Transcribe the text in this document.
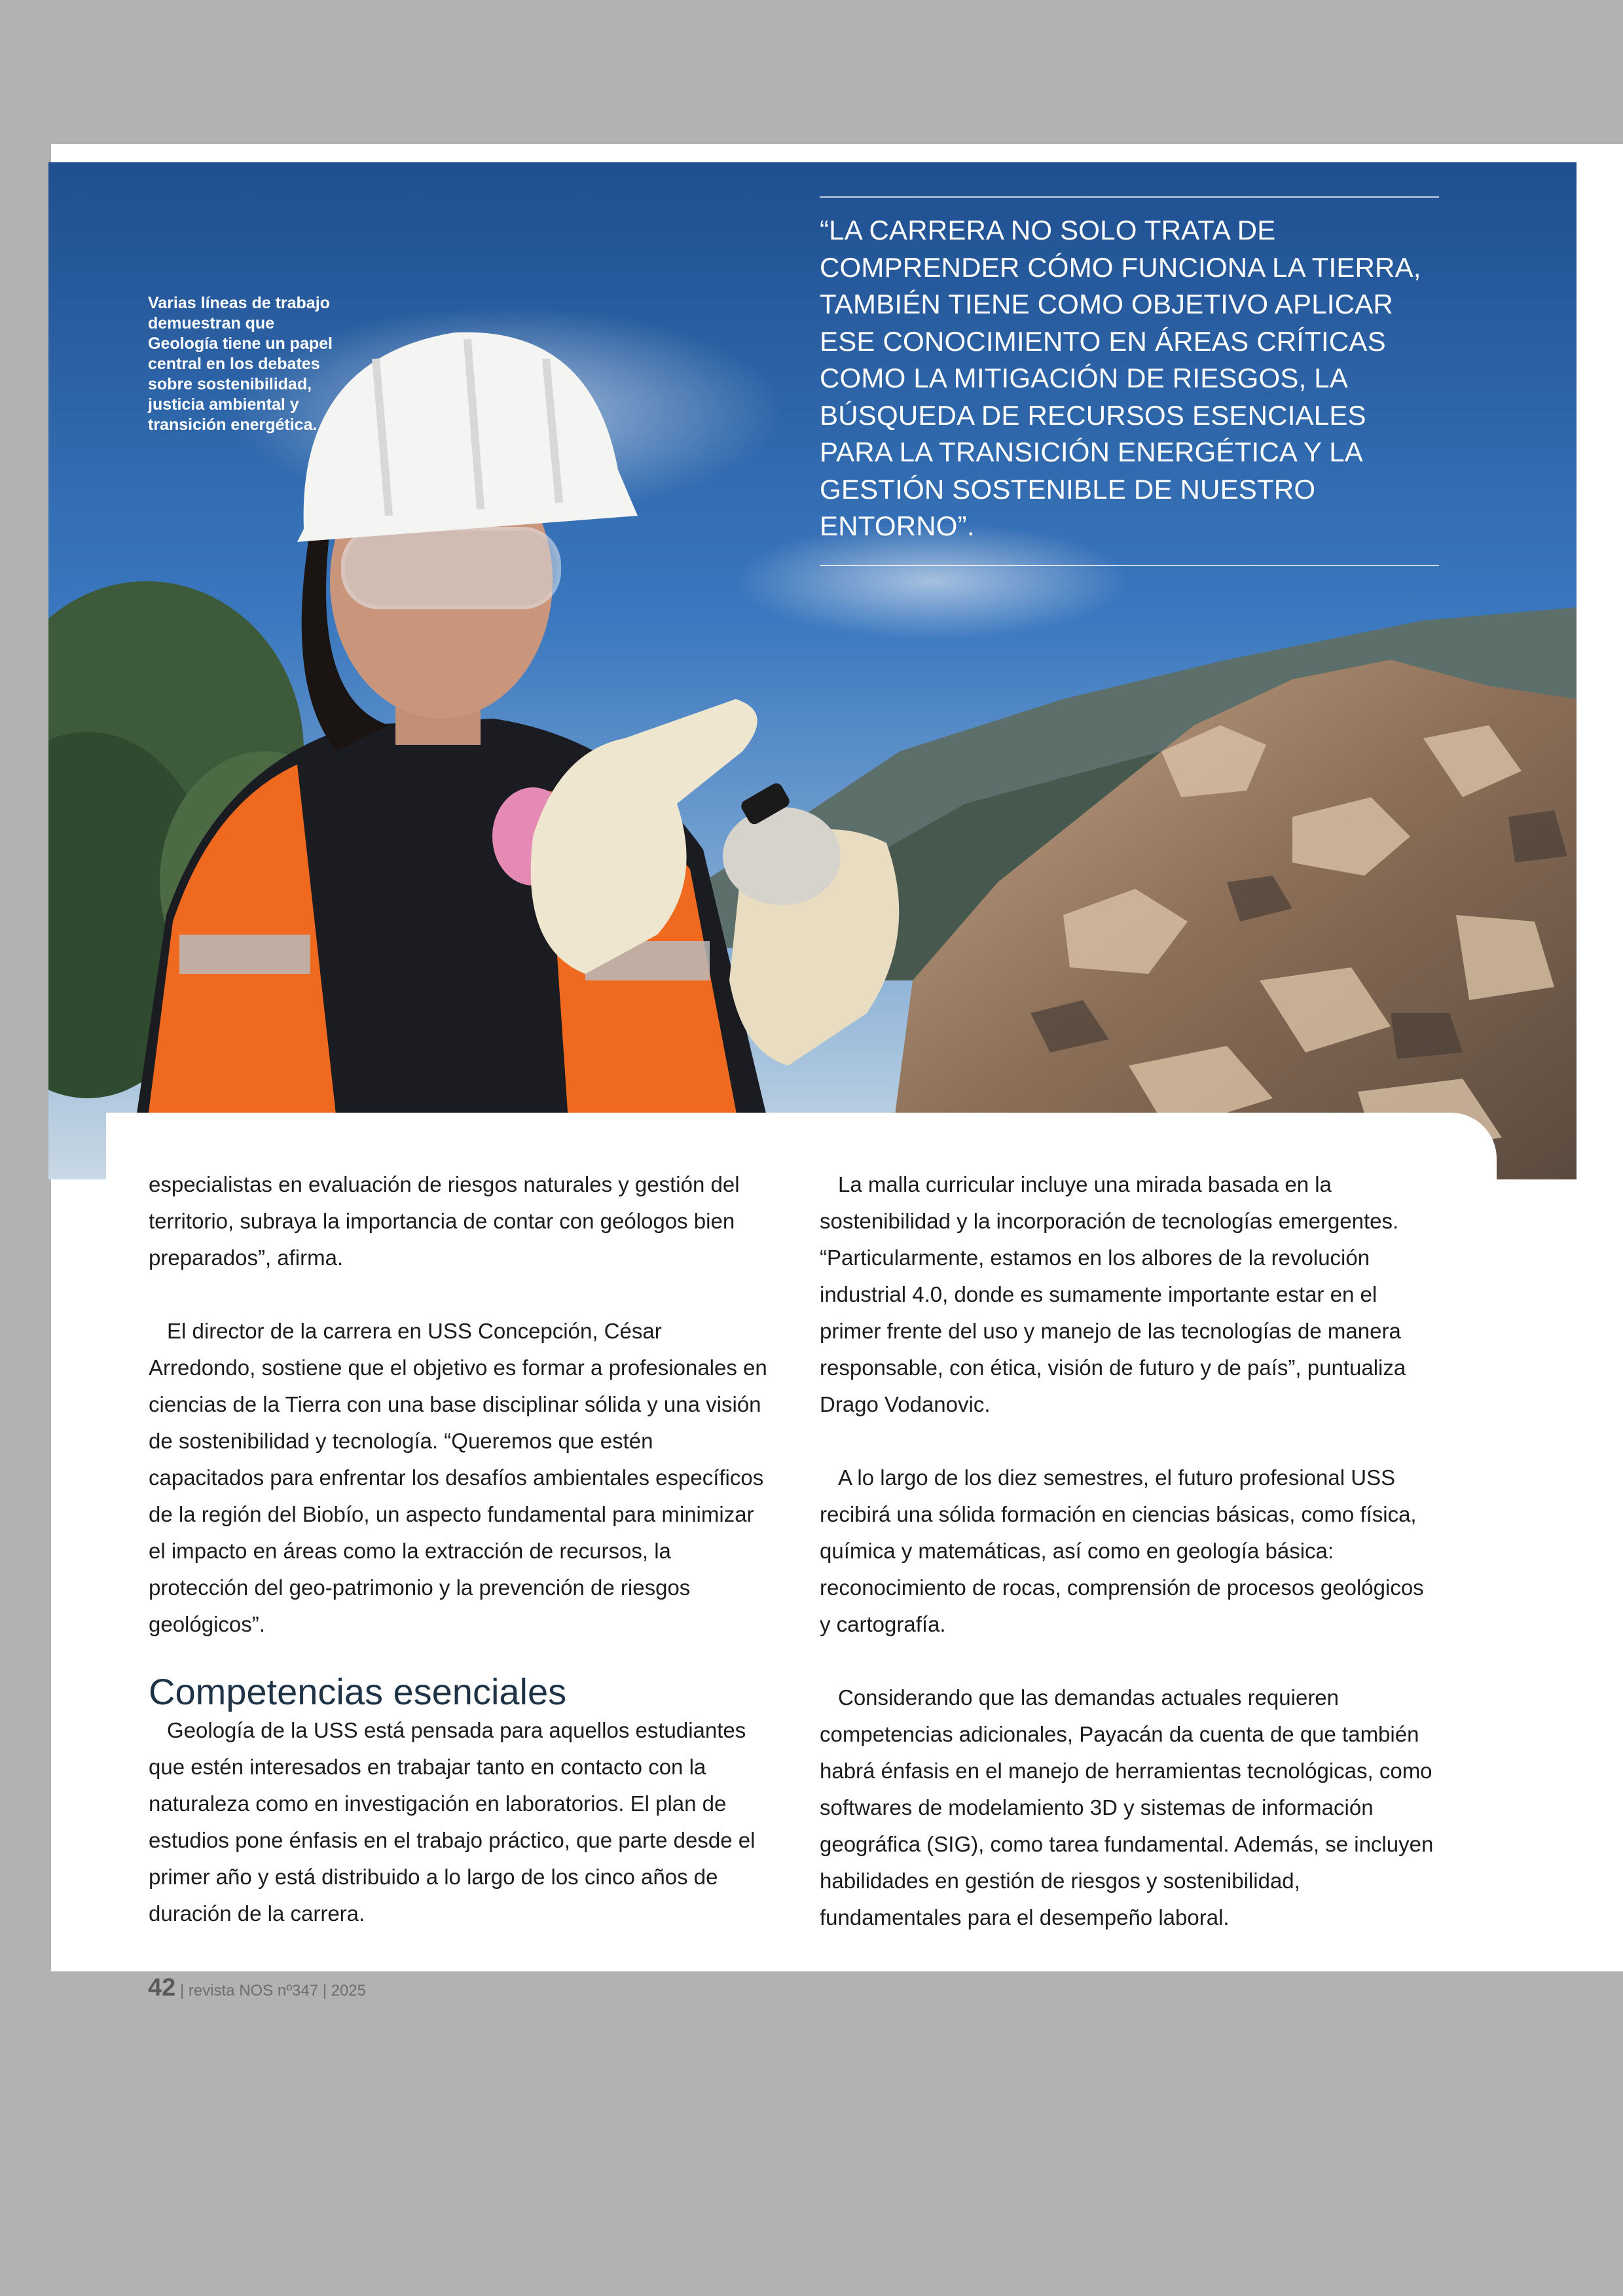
Varias líneas de trabajo demuestran que Geología tiene un papel central en los debates sobre sostenibilidad, justicia ambiental y transición energética.

“LA CARRERA NO SOLO TRATA DE COMPRENDER CÓMO FUNCIONA LA TIERRA, TAMBIÉN TIENE COMO OBJETIVO APLICAR ESE CONOCIMIENTO EN ÁREAS CRÍTICAS COMO LA MITIGACIÓN DE RIESGOS, LA BÚSQUEDA DE RECURSOS ESENCIALES PARA LA TRANSICIÓN ENERGÉTICA Y LA GESTIÓN SOSTENIBLE DE NUESTRO ENTORNO”.

especialistas en evaluación de riesgos naturales y gestión del territorio, subraya la importancia de contar con geólogos bien preparados”, afirma.

El director de la carrera en USS Concepción, César Arredondo, sostiene que el objetivo es formar a profesionales en ciencias de la Tierra con una base disciplinar sólida y una visión de sostenibilidad y tecnología. “Queremos que estén capacitados para enfrentar los desafíos ambientales específicos de la región del Biobío, un aspecto fundamental para minimizar el impacto en áreas como la extracción de recursos, la protección del geo-patrimonio y la prevención de riesgos geológicos”.

Competencias esenciales

Geología de la USS está pensada para aquellos estudiantes que estén interesados en trabajar tanto en contacto con la naturaleza como en investigación en laboratorios. El plan de estudios pone énfasis en el trabajo práctico, que parte desde el primer año y está distribuido a lo largo de los cinco años de duración de la carrera.

La malla curricular incluye una mirada basada en la sostenibilidad y la incorporación de tecnologías emergentes. “Particularmente, estamos en los albores de la revolución industrial 4.0, donde es sumamente importante estar en el primer frente del uso y manejo de las tecnologías de manera responsable, con ética, visión de futuro y de país”, puntualiza Drago Vodanovic.

A lo largo de los diez semestres, el futuro profesional USS recibirá una sólida formación en ciencias básicas, como física, química y matemáticas, así como en geología básica: reconocimiento de rocas, comprensión de procesos geológicos y cartografía.

Considerando que las demandas actuales requieren competencias adicionales, Payacán da cuenta de que también habrá énfasis en el manejo de herramientas tecnológicas, como softwares de modelamiento 3D y sistemas de información geográfica (SIG), como tarea fundamental. Además, se incluyen habilidades en gestión de riesgos y sostenibilidad, fundamentales para el desempeño laboral.

42 | revista NOS nº347 | 2025
